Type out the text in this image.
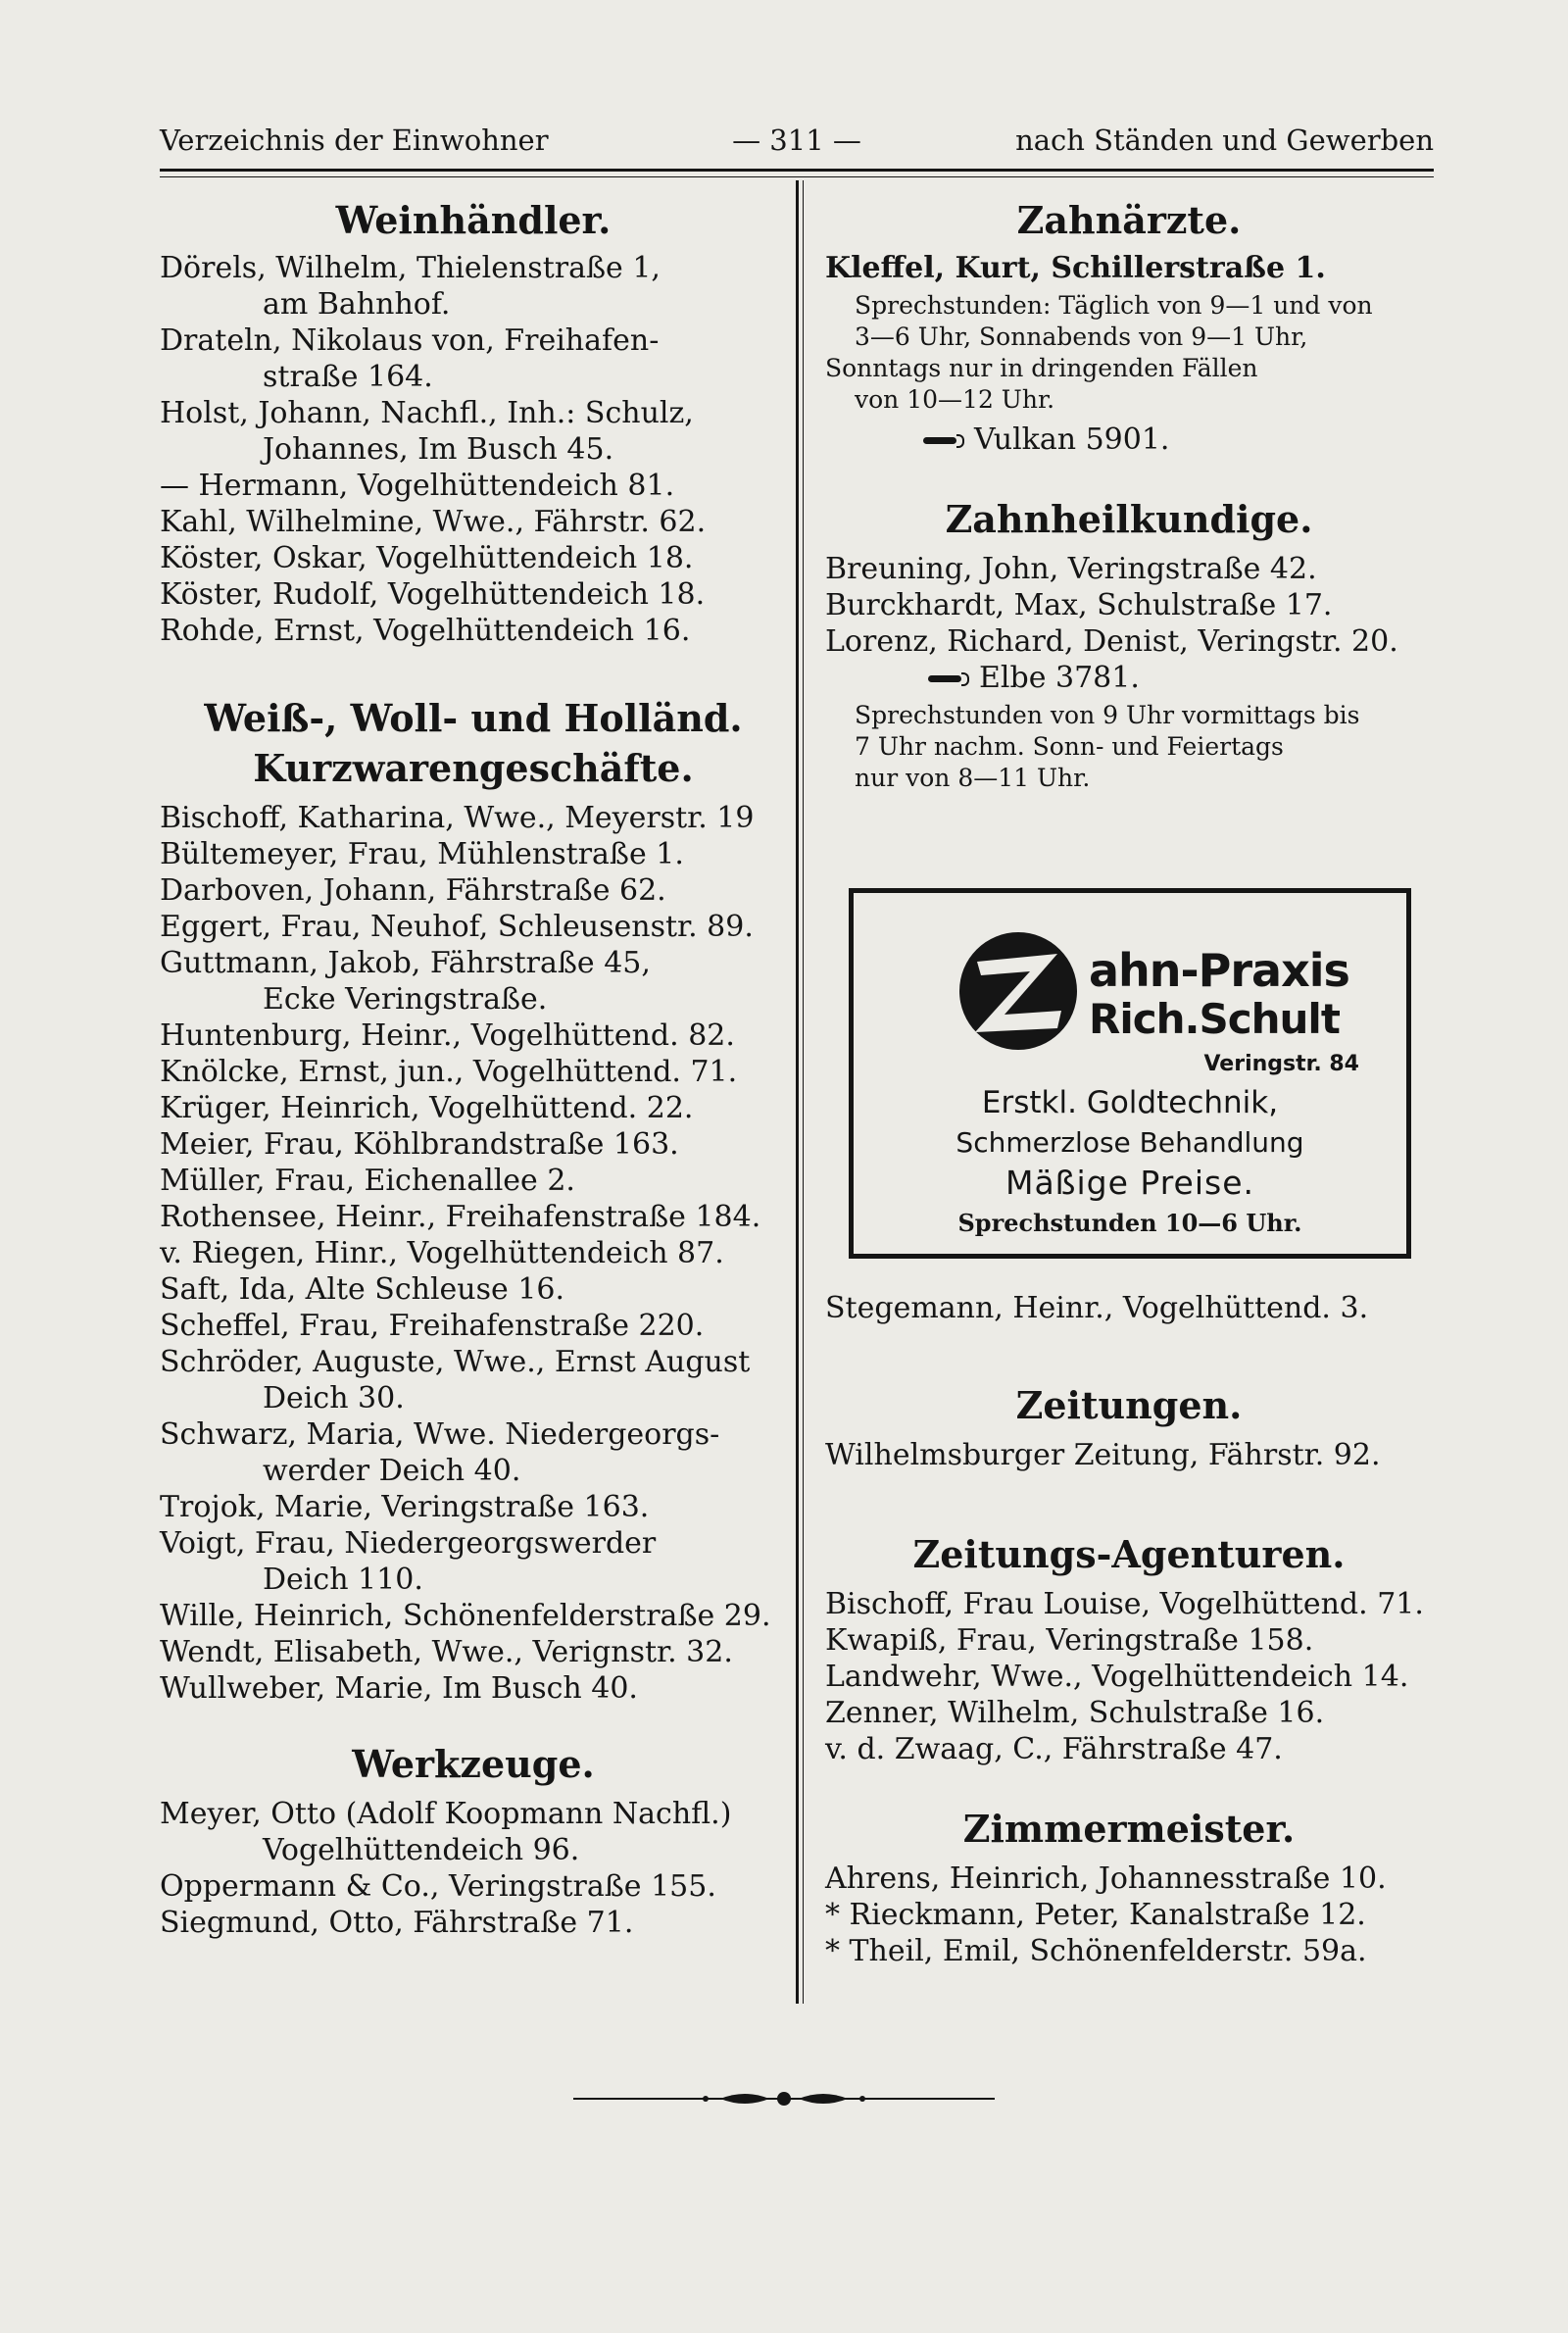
Verzeichnis der Einwohner	— 311 —	nach Ständen und Gewerben
Weinhändler.

Dörels, Wilhelm, Thielenstraße 1,
am Bahnhof.

Drateln, Nikolaus von, Freihafen-
straße 164.

Holst, Johann, Nachfl., Inh.: Schulz,
Johannes, Im Busch 45.

— Hermann, Vogelhüttendeich 81.

Kahl, Wilhelmine, Wwe., Fährstr. 62.

Köster, Oskar, Vogelhüttendeich 18.

Köster, Rudolf, Vogelhüttendeich 18.

Rohde, Ernst, Vogelhüttendeich 16.

Weiß-, Woll- und Holländ.
Kurzwarengeschäfte.

Bischoff, Katharina, Wwe., Meyerstr. 19

Bültemeyer, Frau, Mühlenstraße 1.

Darboven, Johann, Fährstraße 62.

Eggert, Frau, Neuhof, Schleusenstr. 89.

Guttmann, Jakob, Fährstraße 45,
Ecke Veringstraße.

Huntenburg, Heinr., Vogelhüttend. 82.

Knölcke, Ernst, jun., Vogelhüttend. 71.

Krüger, Heinrich, Vogelhüttend. 22.

Meier, Frau, Köhlbrandstraße 163.

Müller, Frau, Eichenallee 2.

Rothensee, Heinr., Freihafenstraße 184.

v. Riegen, Hinr., Vogelhüttendeich 87.

Saft, Ida, Alte Schleuse 16.

Scheffel, Frau, Freihafenstraße 220.

Schröder, Auguste, Wwe., Ernst August
Deich 30.

Schwarz, Maria, Wwe. Niedergeorgs-
werder Deich 40.

Trojok, Marie, Veringstraße 163.

Voigt, Frau, Niedergeorgswerder
Deich 110.

Wille, Heinrich, Schönenfelderstraße 29.

Wendt, Elisabeth, Wwe., Verignstr. 32.

Wullweber, Marie, Im Busch 40.

Werkzeuge.

Meyer, Otto (Adolf Koopmann Nachfl.)
Vogelhüttendeich 96.

Oppermann & Co., Veringstraße 155.

Siegmund, Otto, Fährstraße 71.

Zahnärzte.

Kleffel, Kurt, Schillerstraße 1.

Sprechstunden: Täglich von 9—1 und von
3—6 Uhr, Sonnabends von 9—1 Uhr,
Sonntags nur in dringenden Fällen
von 10—12 Uhr.

Vulkan 5901.

Zahnheilkundige.

Breuning, John, Veringstraße 42.

Burckhardt, Max, Schulstraße 17.

Lorenz, Richard, Denist, Veringstr. 20.

Elbe 3781.

Sprechstunden von 9 Uhr vormittags bis
7 Uhr nachm. Sonn- und Feiertags
nur von 8—11 Uhr.
ahn-Praxis
Rich.Schult
Veringstr. 84
Erstkl. Goldtechnik,
Schmerzlose Behandlung
Mäßige Preise.
Sprechstunden 10—6 Uhr.

Stegemann, Heinr., Vogelhüttend. 3.

Zeitungen.

Wilhelmsburger Zeitung, Fährstr. 92.

Zeitungs-Agenturen.

Bischoff, Frau Louise, Vogelhüttend. 71.

Kwapiß, Frau, Veringstraße 158.

Landwehr, Wwe., Vogelhüttendeich 14.

Zenner, Wilhelm, Schulstraße 16.

v. d. Zwaag, C., Fährstraße 47.

Zimmermeister.

Ahrens, Heinrich, Johannesstraße 10.

* Rieckmann, Peter, Kanalstraße 12.

* Theil, Emil, Schönenfelderstr. 59a.
